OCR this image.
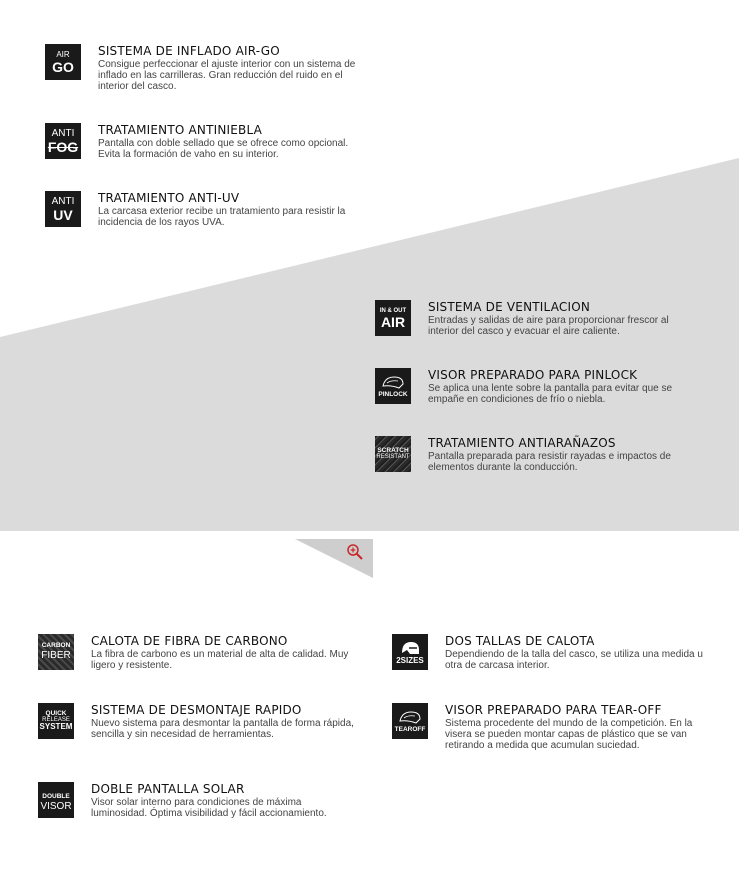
AIR
GO
SISTEMA DE INFLADO AIR-GO
Consigue perfeccionar el ajuste interior con un sistema de
inflado en las carrilleras. Gran reducción del ruido en el
interior del casco.
ANTI
FOG
TRATAMIENTO ANTINIEBLA
Pantalla con doble sellado que se ofrece como opcional.
Evita la formación de vaho en su interior.
ANTI
UV
TRATAMIENTO ANTI-UV
La carcasa exterior recibe un tratamiento para resistir la
incidencia de los rayos UVA.
IN & OUT
AIR
SISTEMA DE VENTILACION
Entradas y salidas de aire para proporcionar frescor al
interior del casco y evacuar el aire caliente.
PINLOCK
VISOR PREPARADO PARA PINLOCK
Se aplica una lente sobre la pantalla para evitar que se
empañe en condiciones de frío o niebla.
SCRATCH
RESISTANT
TRATAMIENTO ANTIARAÑAZOS
Pantalla preparada para resistir rayadas e impactos de
elementos durante la conducción.
CARBON
FIBER
CALOTA DE FIBRA DE CARBONO
La fibra de carbono es un material de alta de calidad. Muy
ligero y resistente.
QUICK
RELEASE
SYSTEM
SISTEMA DE DESMONTAJE RAPIDO
Nuevo sistema para desmontar la pantalla de forma rápida,
sencilla y sin necesidad de herramientas.
DOUBLE
VISOR
DOBLE PANTALLA SOLAR
Visor solar interno para condiciones de máxima
luminosidad. Óptima visibilidad y fácil accionamiento.
2SIZES
DOS TALLAS DE CALOTA
Dependiendo de la talla del casco, se utiliza una medida u
otra de carcasa interior.
TEAROFF
VISOR PREPARADO PARA TEAR-OFF
Sistema procedente del mundo de la competición. En la
visera se pueden montar capas de plástico que se van
retirando a medida que acumulan suciedad.
